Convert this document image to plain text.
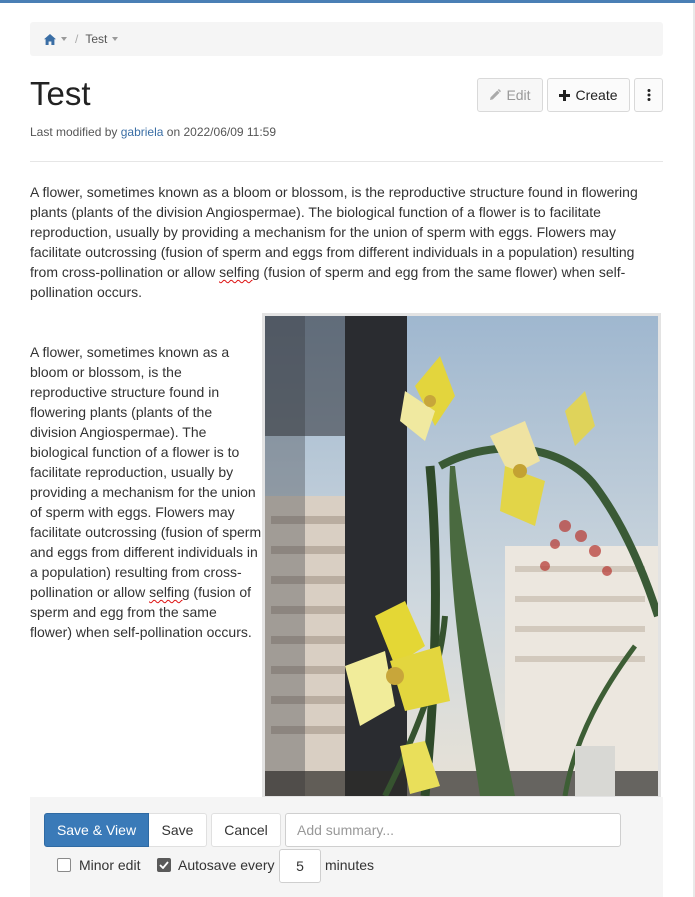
/ Test
Test
Last modified by gabriela on 2022/06/09 11:59
Edit	Create

A flower, sometimes known as a bloom or blossom, is the reproductive structure found in flowering plants (plants of the division Angiospermae). The biological function of a flower is to facilitate reproduction, usually by providing a mechanism for the union of sperm with eggs. Flowers may facilitate outcrossing (fusion of sperm and eggs from different individuals in a population) resulting from cross-pollination or allow selfing (fusion of sperm and egg from the same flower) when self-pollination occurs.

A flower, sometimes known as a bloom or blossom, is the reproductive structure found in flowering plants (plants of the division Angiospermae). The biological function of a flower is to facilitate reproduction, usually by providing a mechanism for the union of sperm with eggs. Flowers may facilitate outcrossing (fusion of sperm and eggs from different individuals in a population) resulting from cross-pollination or allow selfing (fusion of sperm and egg from the same flower) when self-pollination occurs.

Save & View	Save	Cancel
Add summary...
Minor edit	Autosave every
5	minutes
